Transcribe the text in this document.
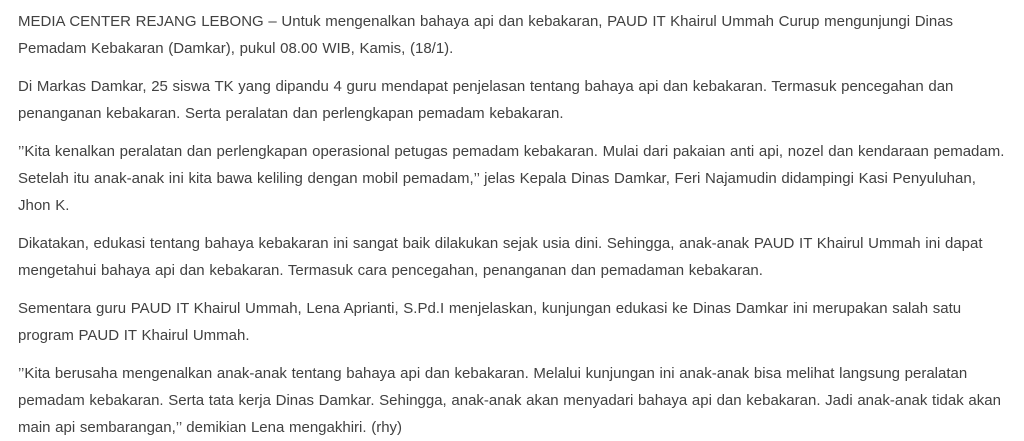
MEDIA CENTER REJANG LEBONG – Untuk mengenalkan bahaya api dan kebakaran, PAUD IT Khairul Ummah Curup mengunjungi Dinas Pemadam Kebakaran (Damkar), pukul 08.00 WIB, Kamis, (18/1).

Di Markas Damkar, 25 siswa TK yang dipandu 4 guru mendapat penjelasan tentang bahaya api dan kebakaran. Termasuk pencegahan dan penanganan kebakaran. Serta peralatan dan perlengkapan pemadam kebakaran.

’’Kita kenalkan peralatan dan perlengkapan operasional petugas pemadam kebakaran. Mulai dari pakaian anti api, nozel dan kendaraan pemadam. Setelah itu anak-anak ini kita bawa keliling dengan mobil pemadam,’’ jelas Kepala Dinas Damkar, Feri Najamudin didampingi Kasi Penyuluhan, Jhon K.

Dikatakan, edukasi tentang bahaya kebakaran ini sangat baik dilakukan sejak usia dini. Sehingga, anak-anak PAUD IT Khairul Ummah ini dapat mengetahui bahaya api dan kebakaran. Termasuk cara pencegahan, penanganan dan pemadaman kebakaran.

Sementara guru PAUD IT Khairul Ummah, Lena Aprianti, S.Pd.I menjelaskan, kunjungan edukasi ke Dinas Damkar ini merupakan salah satu program PAUD IT Khairul Ummah.

’’Kita berusaha mengenalkan anak-anak tentang bahaya api dan kebakaran. Melalui kunjungan ini anak-anak bisa melihat langsung peralatan pemadam kebakaran. Serta tata kerja Dinas Damkar. Sehingga, anak-anak akan menyadari bahaya api dan kebakaran. Jadi anak-anak tidak akan main api sembarangan,’’ demikian Lena mengakhiri. (rhy)
